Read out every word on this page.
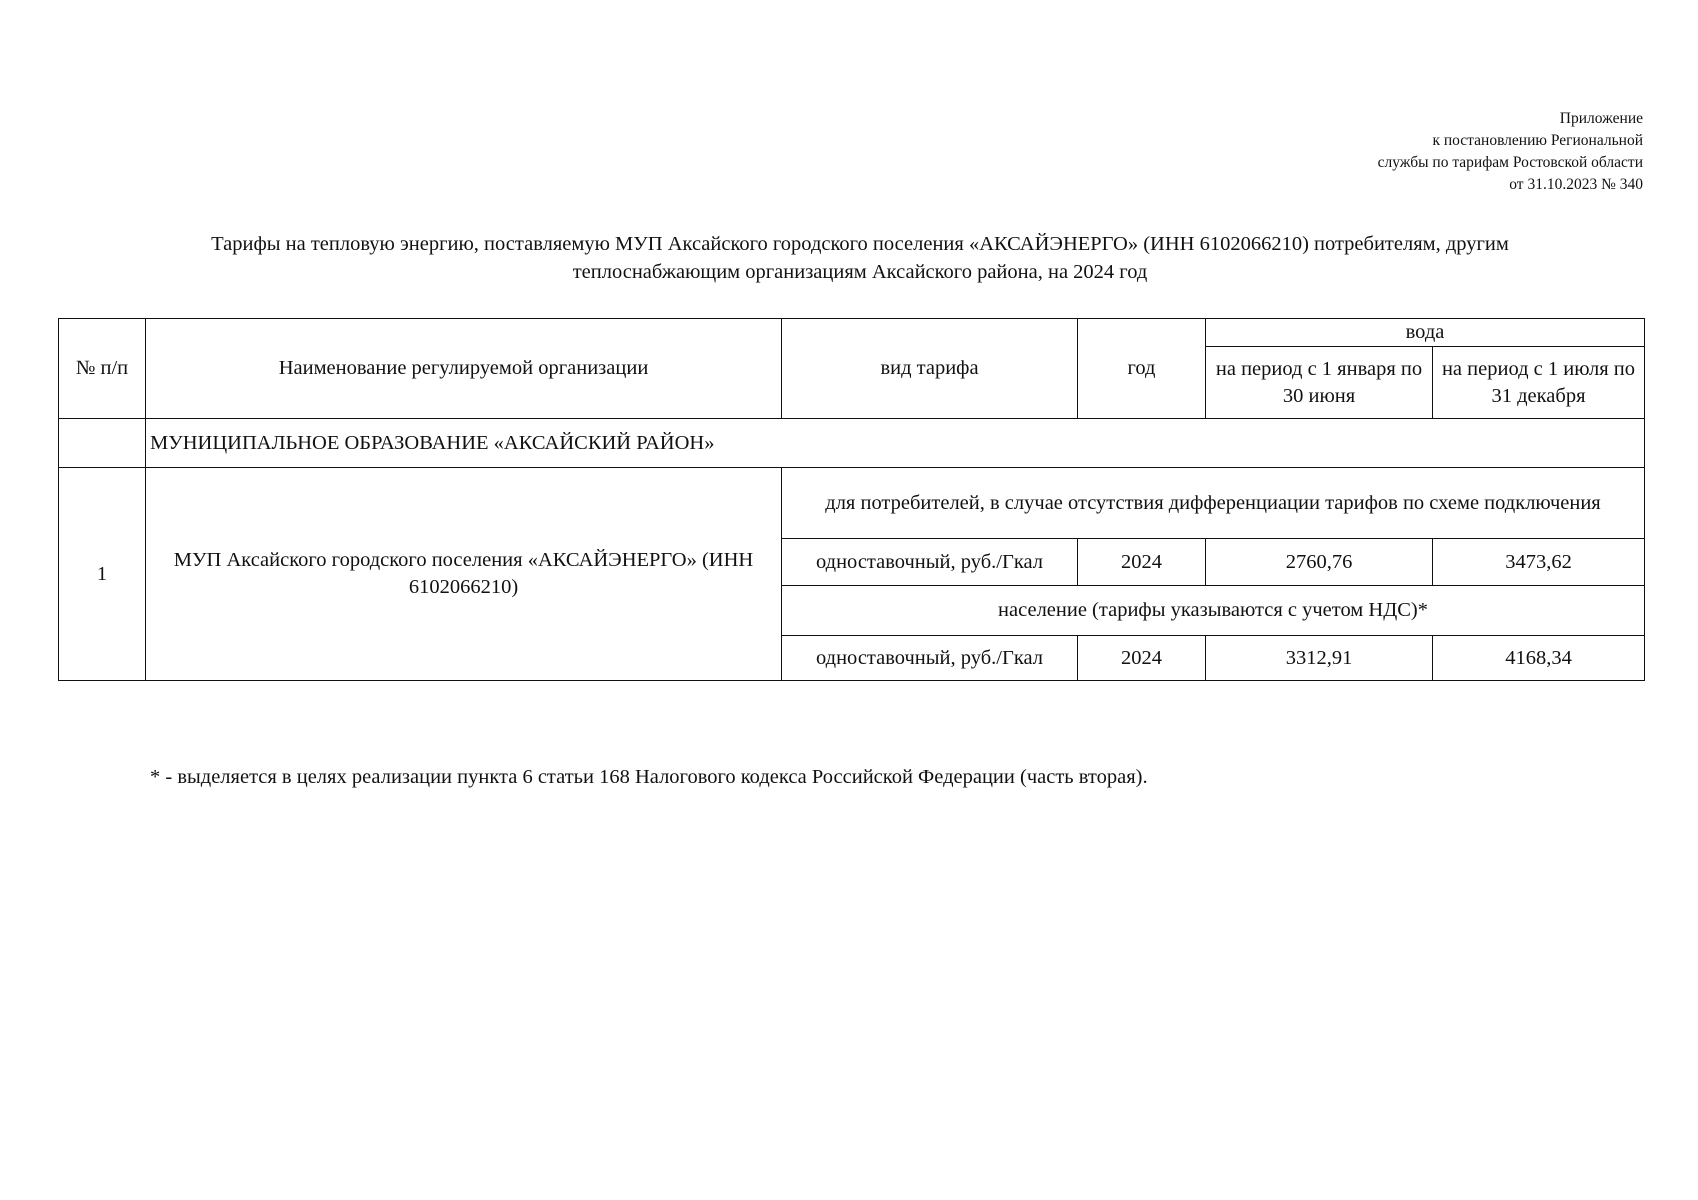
Приложение
к постановлению Региональной
службы по тарифам Ростовской области
от 31.10.2023 № 340
Тарифы на тепловую энергию, поставляемую МУП Аксайского городского поселения «АКСАЙЭНЕРГО» (ИНН 6102066210) потребителям, другим
теплоснабжающим организациям Аксайского района, на 2024 год
№ п/п	Наименование регулируемой организации	вид тарифа	год	вода	
				на период с 1 января по 30 июня	на период с 1 июля по 31 декабря
	МУНИЦИПАЛЬНОЕ ОБРАЗОВАНИЕ «АКСАЙСКИЙ РАЙОН»				
1	МУП Аксайского городского поселения «АКСАЙЭНЕРГО» (ИНН 6102066210)	для потребителей, в случае отсутствия дифференциации тарифов по схеме подключения			
		одноставочный, руб./Гкал	2024	2760,76	3473,62
		население (тарифы указываются с учетом НДС)*			
		одноставочный, руб./Гкал	2024	3312,91	4168,34
* - выделяется в целях реализации пункта 6 статьи 168 Налогового кодекса Российской Федерации (часть вторая).
